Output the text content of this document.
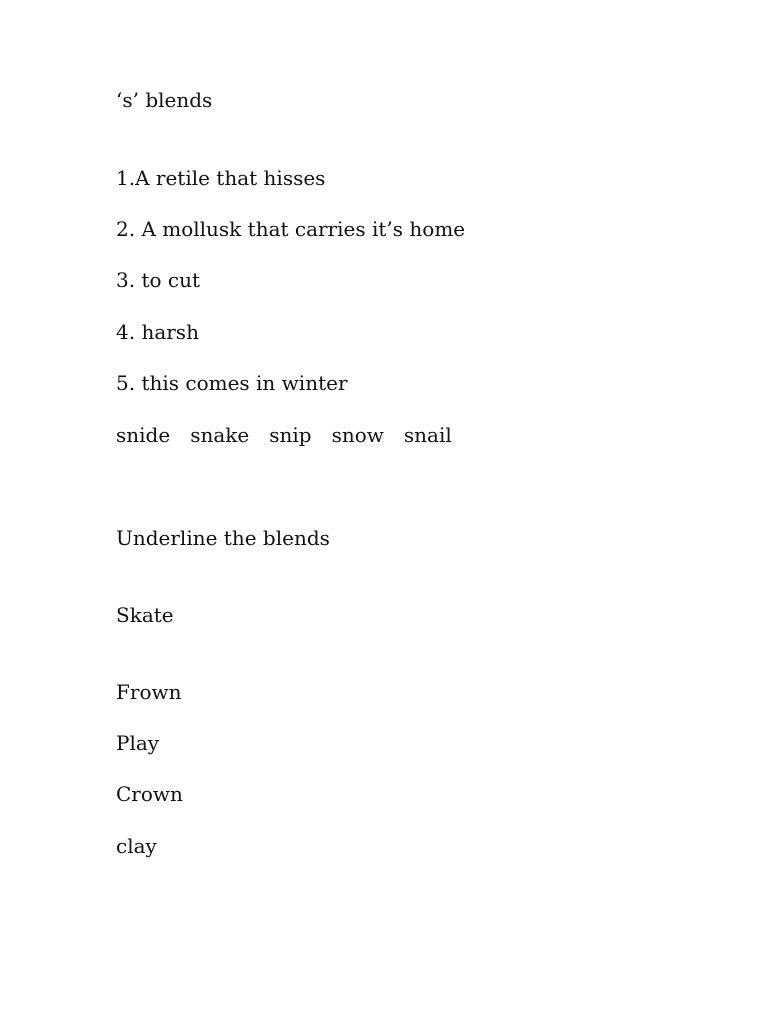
‘s’ blends
1.A retile that hisses
2. A mollusk that carries it’s home
3. to cut
4. harsh
5. this comes in winter
snide snake snip snow snail
Underline the blends
Skate
Frown
Play
Crown
clay
